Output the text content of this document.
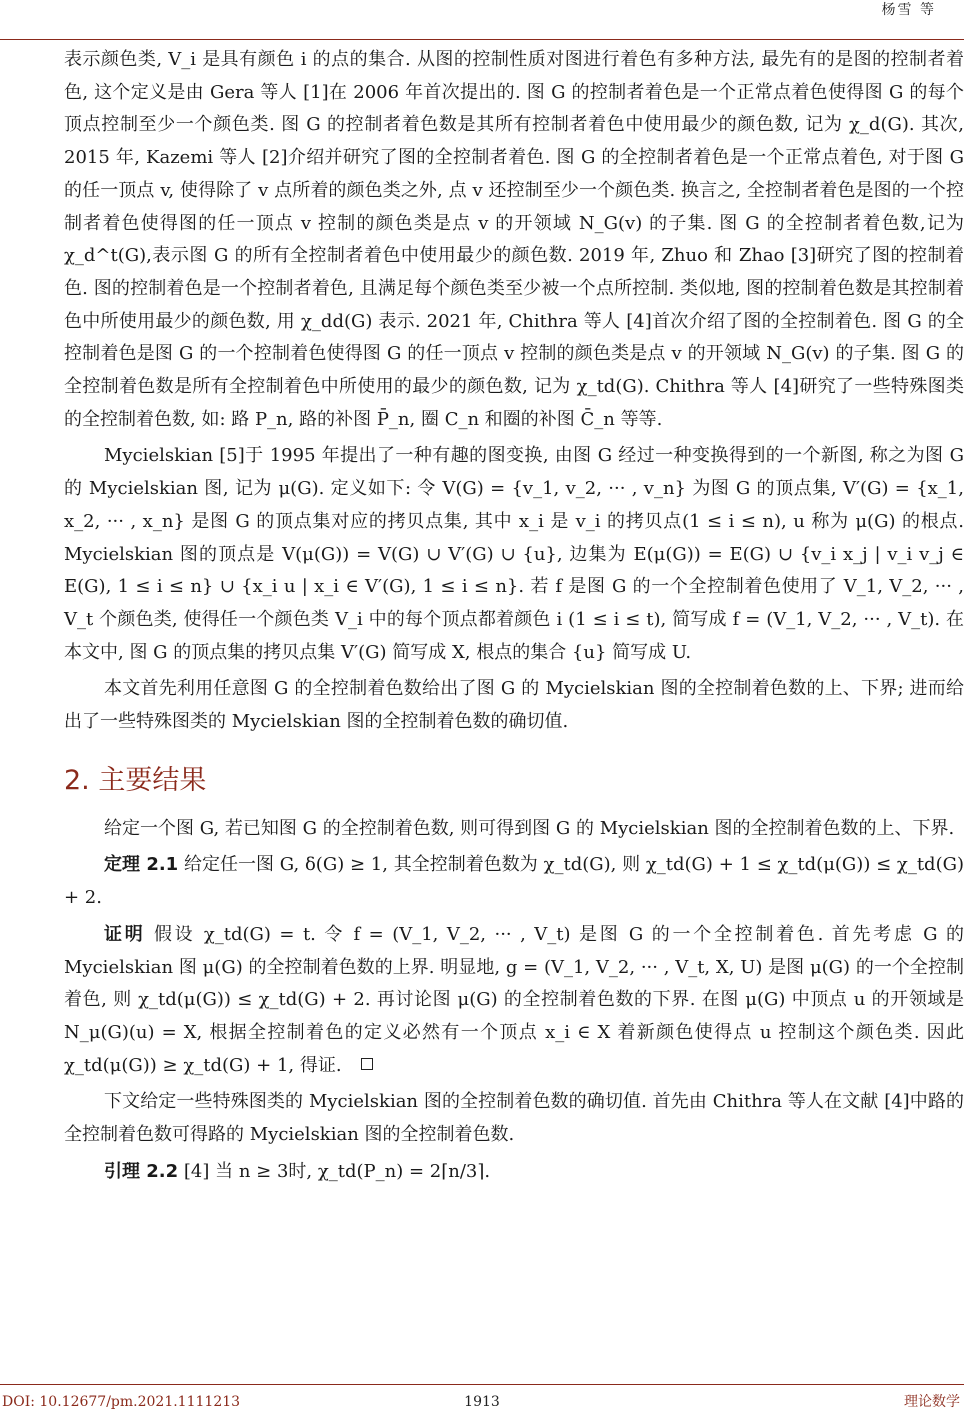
杨雪 等

表示颜色类, V_i 是具有颜色 i 的点的集合. 从图的控制性质对图进行着色有多种方法, 最先有的是图的控制者着色, 这个定义是由 Gera 等人 [1]在 2006 年首次提出的. 图 G 的控制者着色是一个正常点着色使得图 G 的每个顶点控制至少一个颜色类. 图 G 的控制者着色数是其所有控制者着色中使用最少的颜色数, 记为 χ_d(G). 其次, 2015 年, Kazemi 等人 [2]介绍并研究了图的全控制者着色. 图 G 的全控制者着色是一个正常点着色, 对于图 G 的任一顶点 v, 使得除了 v 点所着的颜色类之外, 点 v 还控制至少一个颜色类. 换言之, 全控制者着色是图的一个控制者着色使得图的任一顶点 v 控制的颜色类是点 v 的开领域 N_G(v) 的子集. 图 G 的全控制者着色数,记为 χ_d^t(G),表示图 G 的所有全控制者着色中使用最少的颜色数. 2019 年, Zhuo 和 Zhao [3]研究了图的控制着色. 图的控制着色是一个控制者着色, 且满足每个颜色类至少被一个点所控制. 类似地, 图的控制着色数是其控制着色中所使用最少的颜色数, 用 χ_dd(G) 表示. 2021 年, Chithra 等人 [4]首次介绍了图的全控制着色. 图 G 的全控制着色是图 G 的一个控制着色使得图 G 的任一顶点 v 控制的颜色类是点 v 的开领域 N_G(v) 的子集. 图 G 的全控制着色数是所有全控制着色中所使用的最少的颜色数, 记为 χ_td(G). Chithra 等人 [4]研究了一些特殊图类的全控制着色数, 如: 路 P_n, 路的补图 P̄_n, 圈 C_n 和圈的补图 C̄_n 等等.

Mycielskian [5]于 1995 年提出了一种有趣的图变换, 由图 G 经过一种变换得到的一个新图, 称之为图 G 的 Mycielskian 图, 记为 μ(G). 定义如下: 令 V(G) = {v_1, v_2, ··· , v_n} 为图 G 的顶点集, V′(G) = {x_1, x_2, ··· , x_n} 是图 G 的顶点集对应的拷贝点集, 其中 x_i 是 v_i 的拷贝点(1 ≤ i ≤ n), u 称为 μ(G) 的根点. Mycielskian 图的顶点是 V(μ(G)) = V(G) ∪ V′(G) ∪ {u}, 边集为 E(μ(G)) = E(G) ∪ {v_i x_j | v_i v_j ∈ E(G), 1 ≤ i ≤ n} ∪ {x_i u | x_i ∈ V′(G), 1 ≤ i ≤ n}. 若 f 是图 G 的一个全控制着色使用了 V_1, V_2, ··· , V_t 个颜色类, 使得任一个颜色类 V_i 中的每个顶点都着颜色 i (1 ≤ i ≤ t), 简写成 f = (V_1, V_2, ··· , V_t). 在本文中, 图 G 的顶点集的拷贝点集 V′(G) 简写成 X, 根点的集合 {u} 简写成 U.

本文首先利用任意图 G 的全控制着色数给出了图 G 的 Mycielskian 图的全控制着色数的上、下界; 进而给出了一些特殊图类的 Mycielskian 图的全控制着色数的确切值.

2. 主要结果

给定一个图 G, 若已知图 G 的全控制着色数, 则可得到图 G 的 Mycielskian 图的全控制着色数的上、下界.

定理 2.1 给定任一图 G, δ(G) ≥ 1, 其全控制着色数为 χ_td(G), 则 χ_td(G) + 1 ≤ χ_td(μ(G)) ≤ χ_td(G) + 2.

证明 假设 χ_td(G) = t. 令 f = (V_1, V_2, ··· , V_t) 是图 G 的一个全控制着色. 首先考虑 G 的 Mycielskian 图 μ(G) 的全控制着色数的上界. 明显地, g = (V_1, V_2, ··· , V_t, X, U) 是图 μ(G) 的一个全控制着色, 则 χ_td(μ(G)) ≤ χ_td(G) + 2. 再讨论图 μ(G) 的全控制着色数的下界. 在图 μ(G) 中顶点 u 的开领域是 N_μ(G)(u) = X, 根据全控制着色的定义必然有一个顶点 x_i ∈ X 着新颜色使得点 u 控制这个颜色类. 因此 χ_td(μ(G)) ≥ χ_td(G) + 1, 得证.

下文给定一些特殊图类的 Mycielskian 图的全控制着色数的确切值. 首先由 Chithra 等人在文献 [4]中路的全控制着色数可得路的 Mycielskian 图的全控制着色数.

引理 2.2 [4] 当 n ≥ 3时, χ_td(P_n) = 2⌈n/3⌉.

DOI: 10.12677/pm.2021.1111213	1913	理论数学
